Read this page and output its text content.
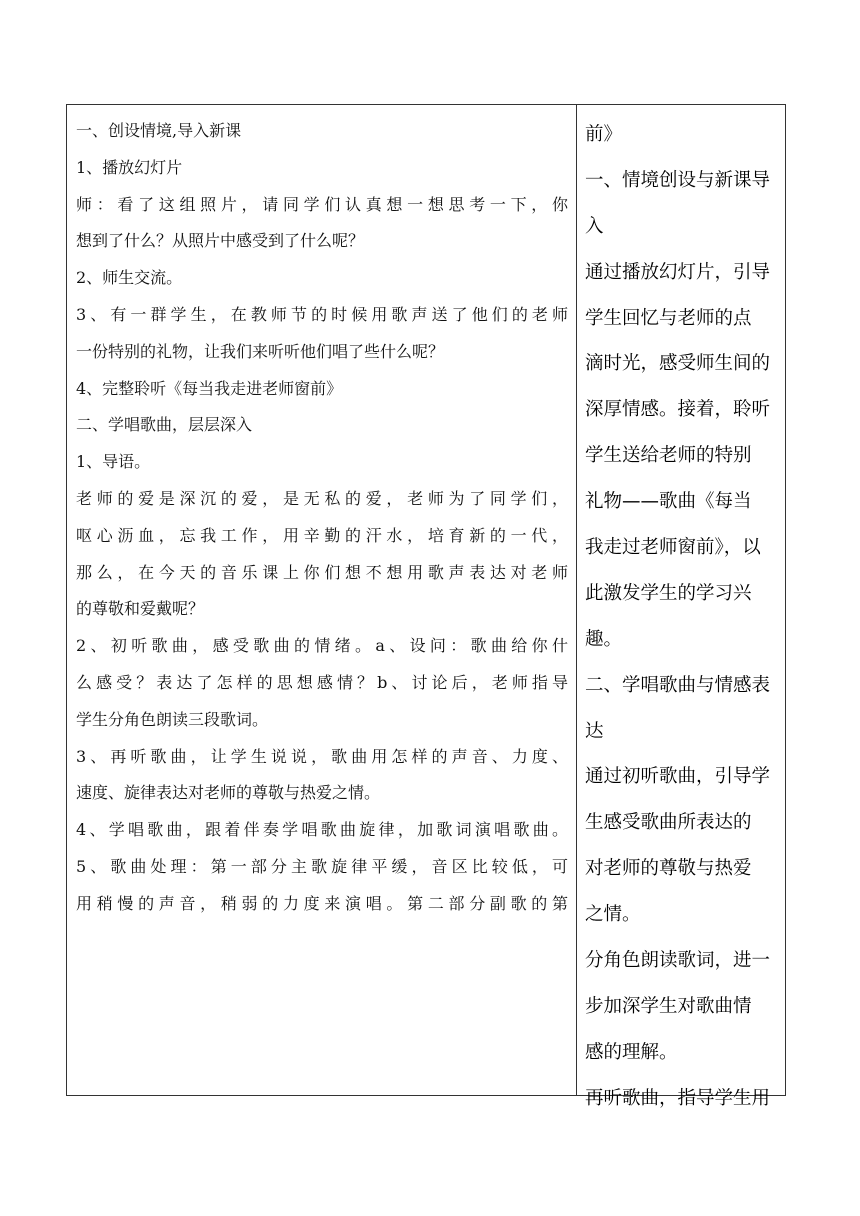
一、创设情境,导入新课
1、播放幻灯片
师：看了这组照片，请同学们认真想一想思考一下，你
想到了什么？从照片中感受到了什么呢？
2、师生交流。
3、有一群学生，在教师节的时候用歌声送了他们的老师
一份特别的礼物，让我们来听听他们唱了些什么呢？
4、完整聆听《每当我走进老师窗前》
二、学唱歌曲，层层深入
1、导语。
老师的爱是深沉的爱，是无私的爱，老师为了同学们，
呕心沥血，忘我工作，用辛勤的汗水，培育新的一代，
那么，在今天的音乐课上你们想不想用歌声表达对老师
的尊敬和爱戴呢？
2、初听歌曲，感受歌曲的情绪。a、设问：歌曲给你什
么感受？表达了怎样的思想感情？b、讨论后，老师指导
学生分角色朗读三段歌词。
3、再听歌曲，让学生说说，歌曲用怎样的声音、力度、
速度、旋律表达对老师的尊敬与热爱之情。
4、学唱歌曲，跟着伴奏学唱歌曲旋律，加歌词演唱歌曲。
5、歌曲处理：第一部分主歌旋律平缓，音区比较低，可
用稍慢的声音，稍弱的力度来演唱。第二部分副歌的第
前》
一、情境创设与新课导
入
通过播放幻灯片，引导
学生回忆与老师的点
滴时光，感受师生间的
深厚情感。接着，聆听
学生送给老师的特别
礼物——歌曲《每当
我走过老师窗前》，以
此激发学生的学习兴
趣。
二、学唱歌曲与情感表
达
通过初听歌曲，引导学
生感受歌曲所表达的
对老师的尊敬与热爱
之情。
分角色朗读歌词，进一
步加深学生对歌曲情
感的理解。
再听歌曲，指导学生用
